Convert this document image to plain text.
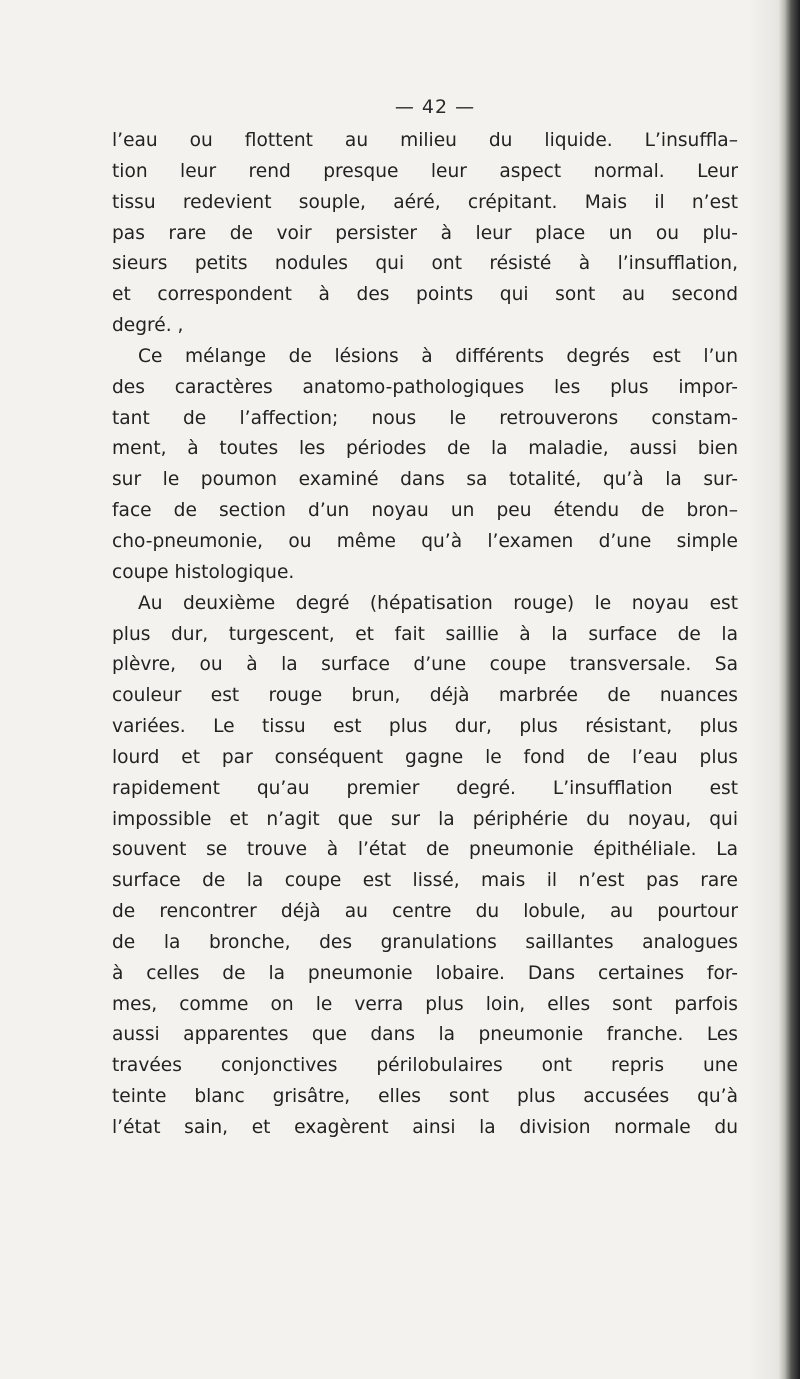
— 42 —
l’eau ou flottent au milieu du liquide. L’insuffla–
tion leur rend presque leur aspect normal. Leur
tissu redevient souple, aéré, crépitant. Mais il n’est
pas rare de voir persister à leur place un ou plu-
sieurs petits nodules qui ont résisté à l’insufflation,
et correspondent à des points qui sont au second
degré. ,
Ce mélange de lésions à différents degrés est l’un
des caractères anatomo-pathologiques les plus impor-
tant de l’affection; nous le retrouverons constam-
ment, à toutes les périodes de la maladie, aussi bien
sur le poumon examiné dans sa totalité, qu’à la sur-
face de section d’un noyau un peu étendu de bron–
cho-pneumonie, ou même qu’à l’examen d’une simple
coupe histologique.
Au deuxième degré (hépatisation rouge) le noyau est
plus dur, turgescent, et fait saillie à la surface de la
plèvre, ou à la surface d’une coupe transversale. Sa
couleur est rouge brun, déjà marbrée de nuances
variées. Le tissu est plus dur, plus résistant, plus
lourd et par conséquent gagne le fond de l’eau plus
rapidement qu’au premier degré. L’insufflation est
impossible et n’agit que sur la périphérie du noyau, qui
souvent se trouve à l’état de pneumonie épithéliale. La
surface de la coupe est lissé, mais il n’est pas rare
de rencontrer déjà au centre du lobule, au pourtour
de la bronche, des granulations saillantes analogues
à celles de la pneumonie lobaire. Dans certaines for-
mes, comme on le verra plus loin, elles sont parfois
aussi apparentes que dans la pneumonie franche. Les
travées conjonctives périlobulaires ont repris une
teinte blanc grisâtre, elles sont plus accusées qu’à
l’état sain, et exagèrent ainsi la division normale du
